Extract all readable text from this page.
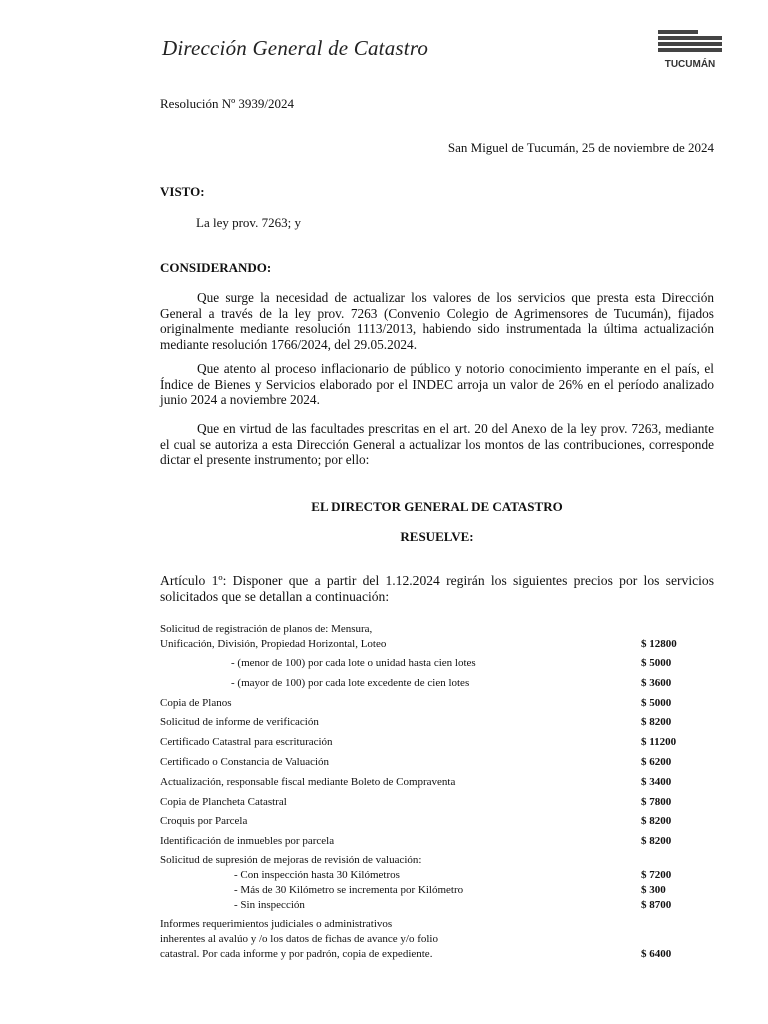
Dirección General de Catastro
TUCUMÁN
Resolución Nº 3939/2024
San Miguel de Tucumán, 25 de noviembre de 2024
VISTO:
La ley prov. 7263; y
CONSIDERANDO:
Que surge la necesidad de actualizar los valores de los servicios que presta esta Dirección General a través de la ley prov. 7263 (Convenio Colegio de Agrimensores de Tucumán), fijados originalmente mediante resolución 1113/2013, habiendo sido instrumentada la última actualización mediante resolución 1766/2024, del 29.05.2024.
Que atento al proceso inflacionario de público y notorio conocimiento imperante en el país, el Índice de Bienes y Servicios elaborado por el INDEC arroja un valor de 26% en el período analizado junio 2024 a noviembre 2024.
Que en virtud de las facultades prescritas en el art. 20 del Anexo de la ley prov. 7263, mediante el cual se autoriza a esta Dirección General a actualizar los montos de las contribuciones, corresponde dictar el presente instrumento; por ello:
EL DIRECTOR GENERAL DE CATASTRO
RESUELVE:
Artículo 1º: Disponer que a partir del 1.12.2024 regirán los siguientes precios por los servicios solicitados que se detallan a continuación:
Solicitud de registración de planos de: Mensura,
Unificación, División, Propiedad Horizontal, Loteo	$ 12800
- (menor de 100) por cada lote o unidad hasta cien lotes	$ 5000
- (mayor de 100) por cada lote excedente de cien lotes	$ 3600
Copia de Planos	$ 5000
Solicitud de informe de verificación	$ 8200
Certificado Catastral para escrituración	$ 11200
Certificado o Constancia de Valuación	$ 6200
Actualización, responsable fiscal mediante Boleto de Compraventa	$ 3400
Copia de Plancheta Catastral	$ 7800
Croquis por Parcela	$ 8200
Identificación de inmuebles por parcela	$ 8200
Solicitud de supresión de mejoras de revisión de valuación:
- Con inspección hasta 30 Kilómetros	$ 7200
- Más de 30 Kilómetro se incrementa por Kilómetro	$ 300
- Sin inspección	$ 8700
Informes requerimientos judiciales o administrativos
inherentes al avalúo y /o los datos de fichas de avance y/o folio
catastral. Por cada informe y por padrón, copia de expediente.	$ 6400
